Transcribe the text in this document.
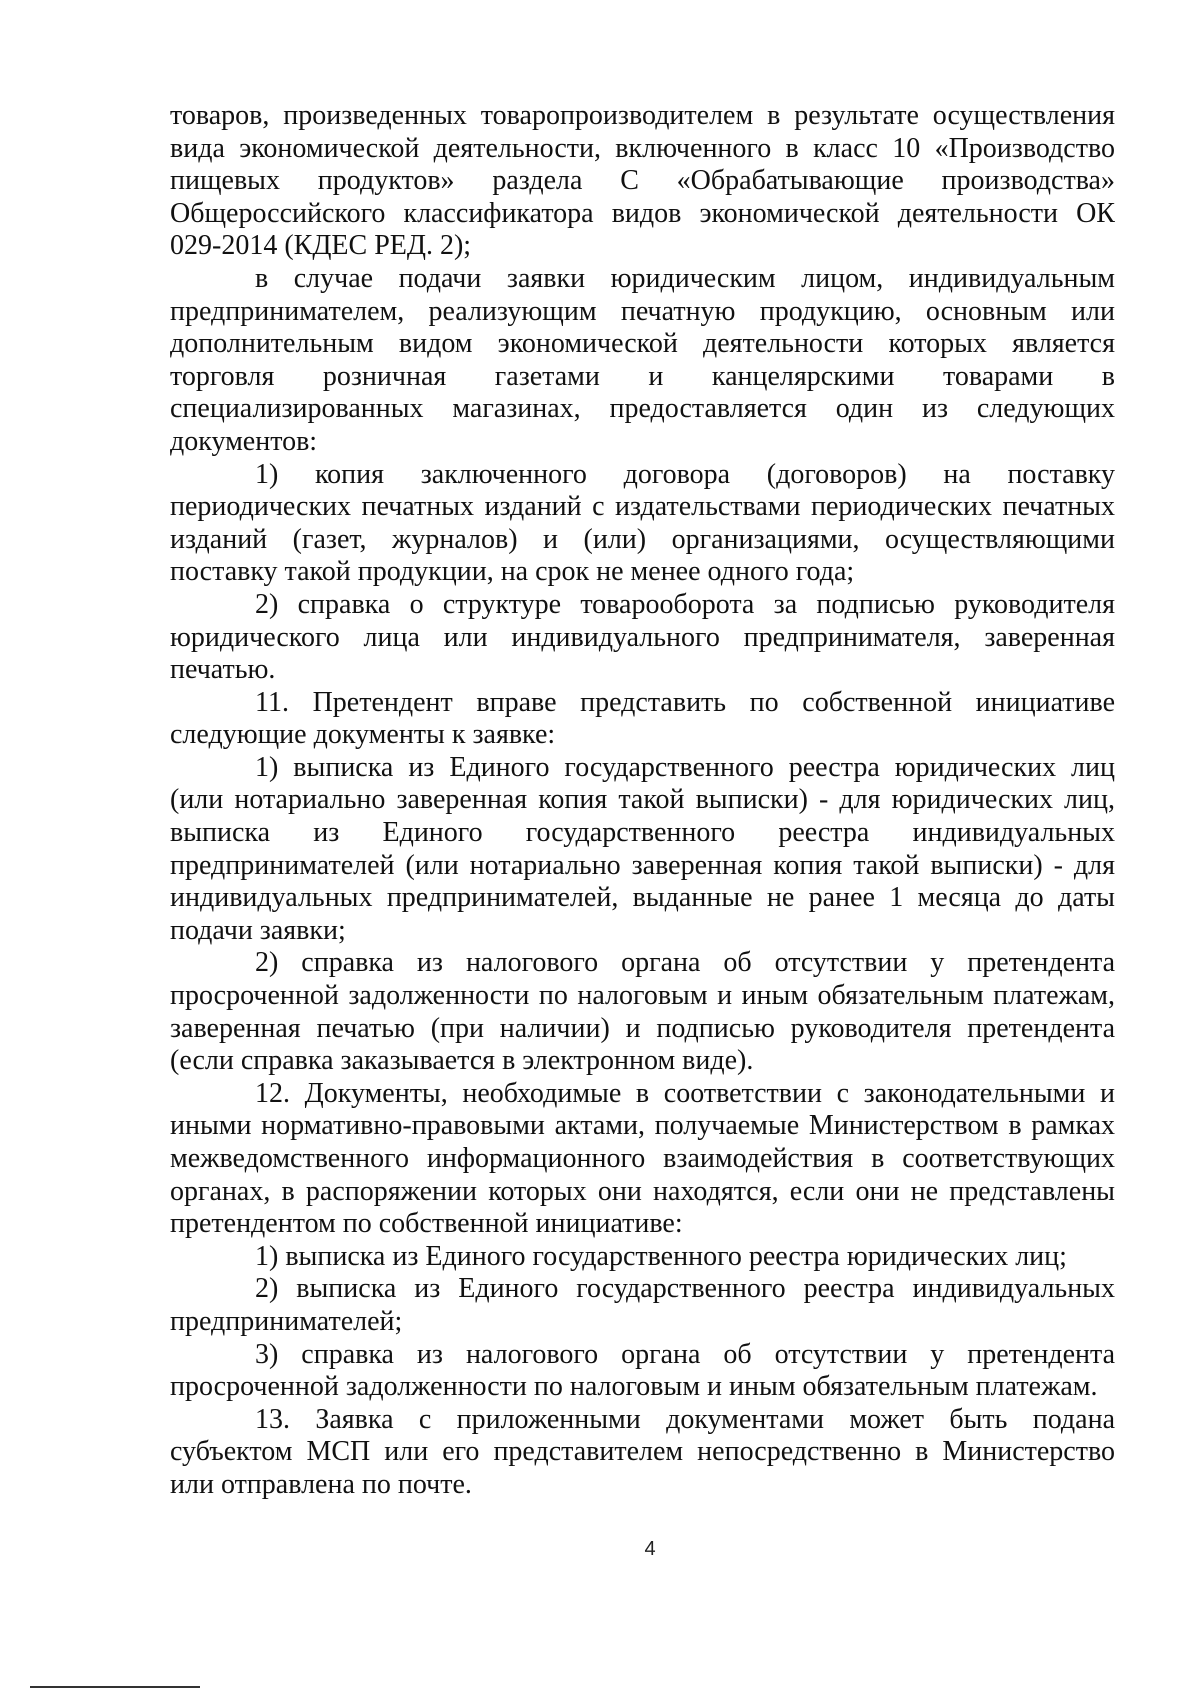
товаров, произведенных товаропроизводителем в результате осуществления вида экономической деятельности, включенного в класс 10 «Производство пищевых продуктов» раздела С «Обрабатывающие производства» Общероссийского классификатора видов экономической деятельности ОК 029-2014 (КДЕС РЕД. 2);

в случае подачи заявки юридическим лицом, индивидуальным предпринимателем, реализующим печатную продукцию, основным или дополнительным видом экономической деятельности которых является торговля розничная газетами и канцелярскими товарами в специализированных магазинах, предоставляется один из следующих документов:

1) копия заключенного договора (договоров) на поставку периодических печатных изданий с издательствами периодических печатных изданий (газет, журналов) и (или) организациями, осуществляющими поставку такой продукции, на срок не менее одного года;

2) справка о структуре товарооборота за подписью руководителя юридического лица или индивидуального предпринимателя, заверенная печатью.

11. Претендент вправе представить по собственной инициативе следующие документы к заявке:

1) выписка из Единого государственного реестра юридических лиц (или нотариально заверенная копия такой выписки) - для юридических лиц, выписка из Единого государственного реестра индивидуальных предпринимателей (или нотариально заверенная копия такой выписки) - для индивидуальных предпринимателей, выданные не ранее 1 месяца до даты подачи заявки;

2) справка из налогового органа об отсутствии у претендента просроченной задолженности по налоговым и иным обязательным платежам, заверенная печатью (при наличии) и подписью руководителя претендента (если справка заказывается в электронном виде).

12. Документы, необходимые в соответствии с законодательными и иными нормативно-правовыми актами, получаемые Министерством в рамках межведомственного информационного взаимодействия в соответствующих органах, в распоряжении которых они находятся, если они не представлены претендентом по собственной инициативе:

1) выписка из Единого государственного реестра юридических лиц;

2) выписка из Единого государственного реестра индивидуальных предпринимателей;

3) справка из налогового органа об отсутствии у претендента просроченной задолженности по налоговым и иным обязательным платежам.

13. Заявка с приложенными документами может быть подана субъектом МСП или его представителем непосредственно в Министерство или отправлена по почте.

4
